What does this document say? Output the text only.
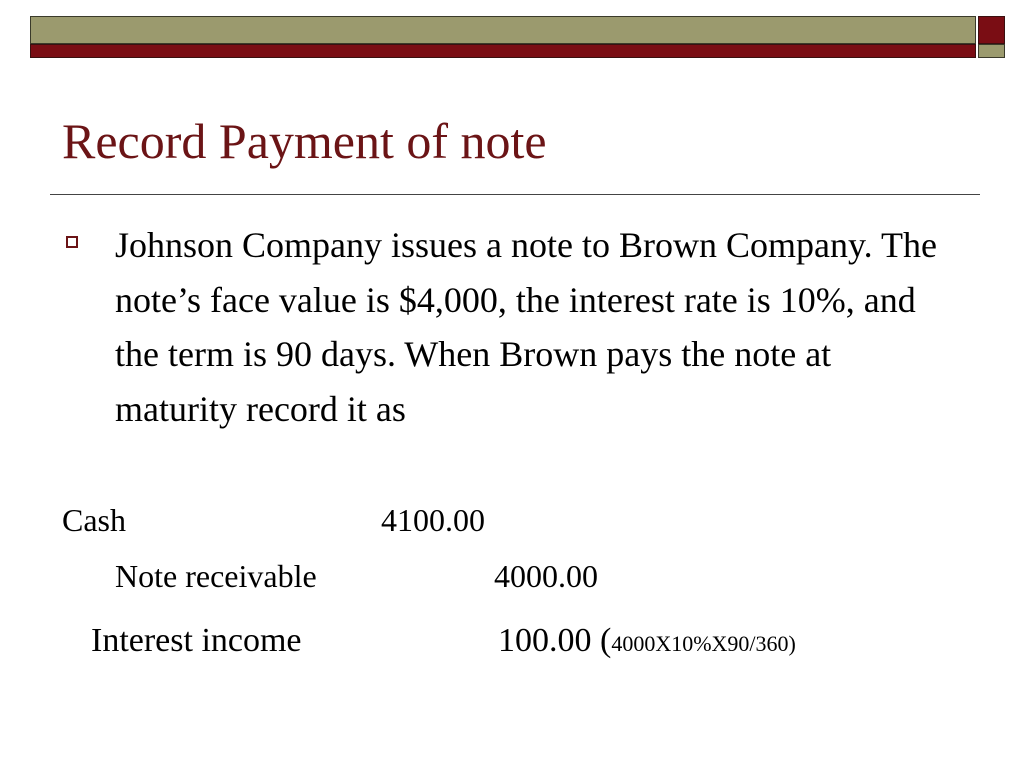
Record Payment of note
Johnson Company issues a note to Brown Company. The note’s face value is $4,000, the interest rate is 10%, and the term is 90 days. When Brown pays the note at maturity record it as
Cash	4100.00
Note receivable	4000.00
Interest income	100.00 (4000X10%X90/360)
